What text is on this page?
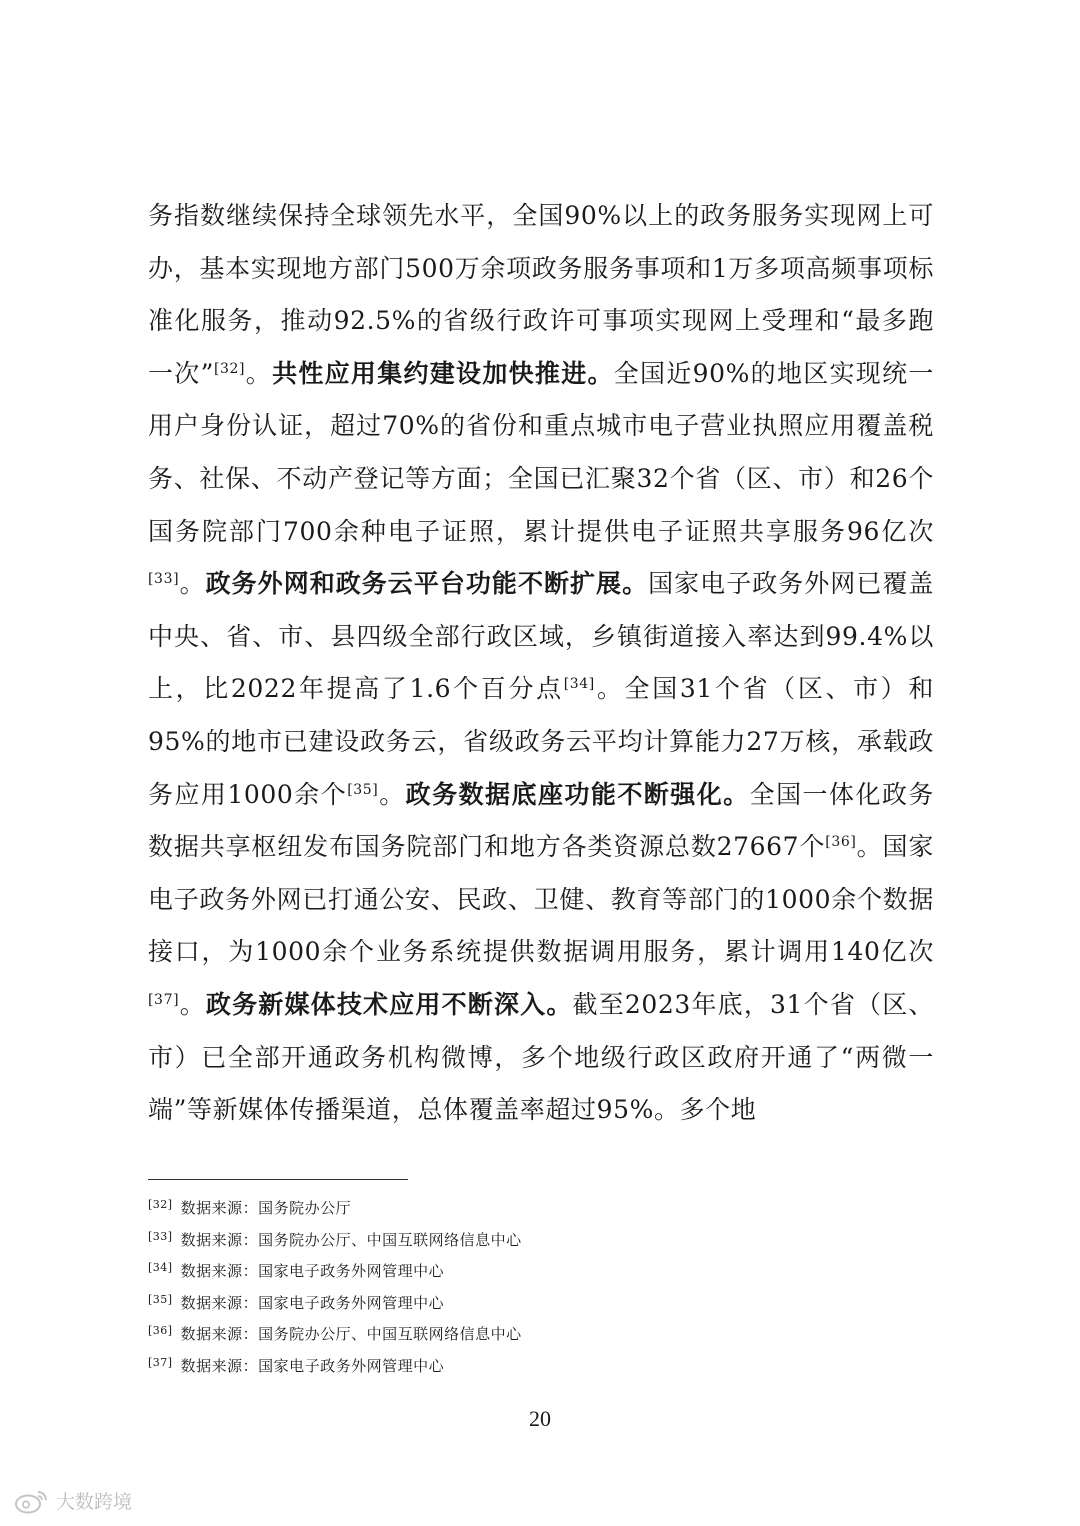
务指数继续保持全球领先水平，全国90%以上的政务服务实现网上可办，基本实现地方部门500万余项政务服务事项和1万多项高频事项标准化服务，推动92.5%的省级行政许可事项实现网上受理和“最多跑一次”[32]。共性应用集约建设加快推进。全国近90%的地区实现统一用户身份认证，超过70%的省份和重点城市电子营业执照应用覆盖税务、社保、不动产登记等方面；全国已汇聚32个省（区、市）和26个国务院部门700余种电子证照，累计提供电子证照共享服务96亿次[33]。政务外网和政务云平台功能不断扩展。国家电子政务外网已覆盖中央、省、市、县四级全部行政区域，乡镇街道接入率达到99.4%以上，比2022年提高了1.6个百分点[34]。全国31个省（区、市）和95%的地市已建设政务云，省级政务云平均计算能力27万核，承载政务应用1000余个[35]。政务数据底座功能不断强化。全国一体化政务数据共享枢纽发布国务院部门和地方各类资源总数27667个[36]。国家电子政务外网已打通公安、民政、卫健、教育等部门的1000余个数据接口，为1000余个业务系统提供数据调用服务，累计调用140亿次[37]。政务新媒体技术应用不断深入。截至2023年底，31个省（区、市）已全部开通政务机构微博，多个地级行政区政府开通了“两微一端”等新媒体传播渠道，总体覆盖率超过95%。多个地

[32] 数据来源：国务院办公厅
[33] 数据来源：国务院办公厅、中国互联网络信息中心
[34] 数据来源：国家电子政务外网管理中心
[35] 数据来源：国家电子政务外网管理中心
[36] 数据来源：国务院办公厅、中国互联网络信息中心
[37] 数据来源：国家电子政务外网管理中心
20
大数跨境
